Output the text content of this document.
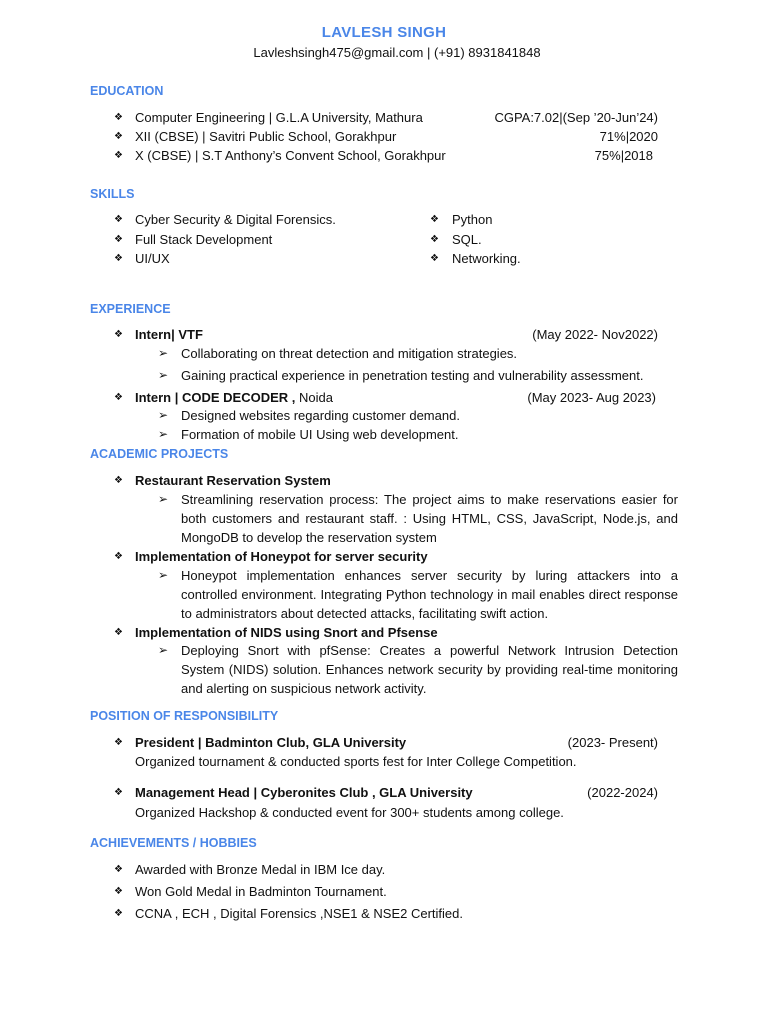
LAVLESH SINGH
Lavleshsingh475@gmail.com | (+91) 8931841848
EDUCATION
❖ Computer Engineering | G.L.A University, Mathura	CGPA:7.02|(Sep ’20-Jun’24)
❖ XII (CBSE) | Savitri Public School, Gorakhpur	71%|2020
❖ X (CBSE) | S.T Anthony’s Convent School, Gorakhpur	75%|2018
SKILLS
❖ Cyber Security & Digital Forensics.	❖ Python
❖ Full Stack Development	❖ SQL.
❖ UI/UX	❖ Networking.
EXPERIENCE
❖ Intern| VTF	(May 2022- Nov2022)
➢ Collaborating on threat detection and mitigation strategies.
➢ Gaining practical experience in penetration testing and vulnerability assessment.
❖ Intern | CODE DECODER , Noida	(May 2023- Aug 2023)
➢ Designed websites regarding customer demand.
➢ Formation of mobile UI Using web development.
ACADEMIC PROJECTS
❖ Restaurant Reservation System
➢ Streamlining reservation process: The project aims to make reservations easier for both customers and restaurant staff. : Using HTML, CSS, JavaScript, Node.js, and MongoDB to develop the reservation system
❖ Implementation of Honeypot for server security
➢ Honeypot implementation enhances server security by luring attackers into a controlled environment. Integrating Python technology in mail enables direct response to administrators about detected attacks, facilitating swift action.
❖ Implementation of NIDS using Snort and Pfsense
➢ Deploying Snort with pfSense: Creates a powerful Network Intrusion Detection System (NIDS) solution. Enhances network security by providing real-time monitoring and alerting on suspicious network activity.
POSITION OF RESPONSIBILITY
❖ President | Badminton Club, GLA University	(2023- Present)
Organized tournament & conducted sports fest for Inter College Competition.
❖ Management Head | Cyberonites Club , GLA University	(2022-2024)
Organized Hackshop & conducted event for 300+ students among college.
ACHIEVEMENTS / HOBBIES
❖ Awarded with Bronze Medal in IBM Ice day.
❖ Won Gold Medal in Badminton Tournament.
❖ CCNA , ECH , Digital Forensics ,NSE1 & NSE2 Certified.
